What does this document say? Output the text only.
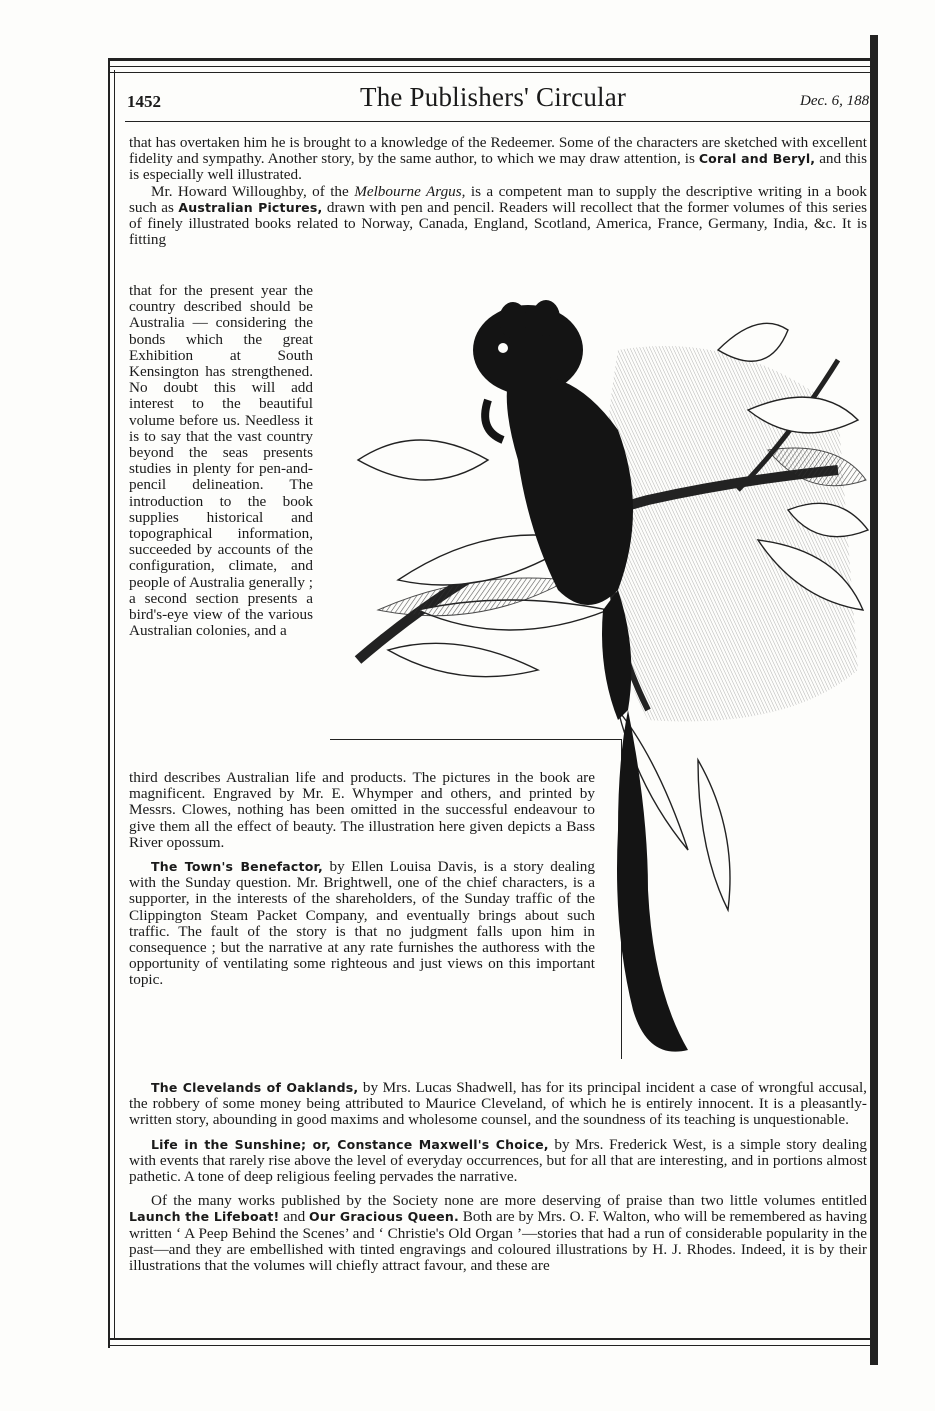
1452	The Publishers' Circular	Dec. 6, 188

that has overtaken him he is brought to a knowledge of the Redeemer. Some of the characters are sketched with excellent fidelity and sympathy. Another story, by the same author, to which we may draw attention, is Coral and Beryl, and this is especially well illustrated.

Mr. Howard Willoughby, of the Melbourne Argus, is a competent man to supply the descriptive writing in a book such as Australian Pictures, drawn with pen and pencil. Readers will recollect that the former volumes of this series of finely illustrated books related to Norway, Canada, England, Scotland, America, France, Germany, India, &c. It is fitting

that for the present year the country described should be Australia — considering the bonds which the great Exhibition at South Kensington has strengthened. No doubt this will add interest to the beautiful volume before us. Needless it is to say that the vast country beyond the seas presents studies in plenty for pen-and-pencil delineation. The introduction to the book supplies historical and topographical information, succeeded by accounts of the configuration, climate, and people of Australia generally ; a second section presents a bird's-eye view of the various Australian colonies, and a

third describes Australian life and products. The pictures in the book are magnificent. Engraved by Mr. E. Whymper and others, and printed by Messrs. Clowes, nothing has been omitted in the successful endeavour to give them all the effect of beauty. The illustration here given depicts a Bass River opossum.

The Town's Benefactor, by Ellen Louisa Davis, is a story dealing with the Sunday question. Mr. Brightwell, one of the chief characters, is a supporter, in the interests of the shareholders, of the Sunday traffic of the Clippington Steam Packet Company, and eventually brings about such traffic. The fault of the story is that no judgment falls upon him in consequence ; but the narrative at any rate furnishes the authoress with the opportunity of ventilating some righteous and just views on this important topic.

The Clevelands of Oaklands, by Mrs. Lucas Shadwell, has for its principal incident a case of wrongful accusal, the robbery of some money being attributed to Maurice Cleveland, of which he is entirely innocent. It is a pleasantly-written story, abounding in good maxims and wholesome counsel, and the soundness of its teaching is unquestionable.

Life in the Sunshine; or, Constance Maxwell's Choice, by Mrs. Frederick West, is a simple story dealing with events that rarely rise above the level of everyday occurrences, but for all that are interesting, and in portions almost pathetic. A tone of deep religious feeling pervades the narrative.

Of the many works published by the Society none are more deserving of praise than two little volumes entitled Launch the Lifeboat! and Our Gracious Queen. Both are by Mrs. O. F. Walton, who will be remembered as having written ‘ A Peep Behind the Scenes’ and ‘ Christie's Old Organ ’—stories that had a run of considerable popularity in the past—and they are embellished with tinted engravings and coloured illustrations by H. J. Rhodes. Indeed, it is by their illustrations that the volumes will chiefly attract favour, and these are
